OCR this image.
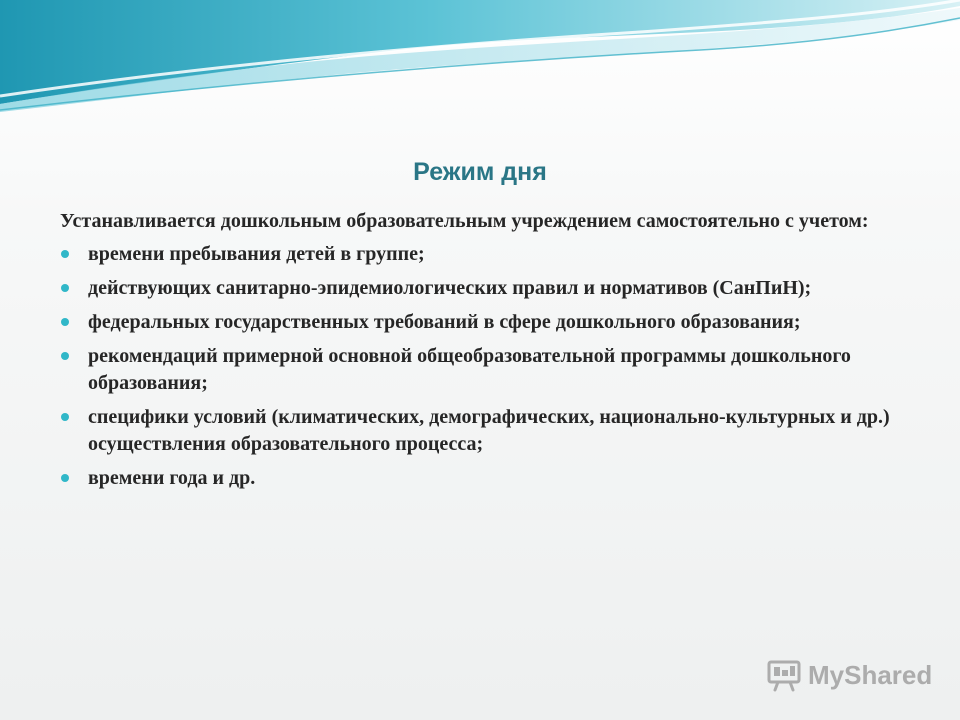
Режим дня

Устанавливается дошкольным образовательным учреждением самостоятельно с учетом:

времени пребывания детей в группе;
действующих санитарно-эпидемиологических правил и нормативов (СанПиН);
федеральных государственных требований в сфере дошкольного образования;
рекомендаций примерной основной общеобразовательной программы дошкольного образования;
специфики условий (климатических, демографических, национально-культурных и др.) осуществления образовательного процесса;
времени года и др.
MyShared
